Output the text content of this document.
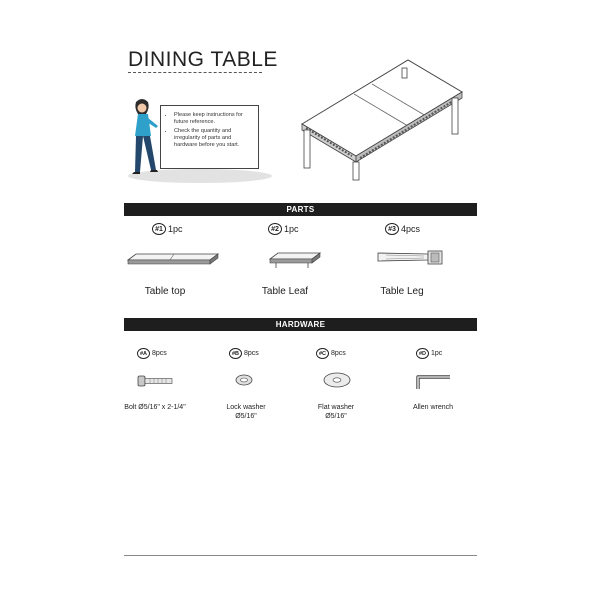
DINING TABLE
• Please keep instructions for future reference.
• Check the quantity and irregularity of parts and hardware before you start.
PARTS
#1 1pc
Table top
#2 1pc
Table Leaf
#3 4pcs
Table Leg
HARDWARE
#A 8pcs
Bolt Ø5/16" x 2-1/4"
#B 8pcs
Lock washer
Ø5/16"
#C 8pcs
Flat washer
Ø5/16"
#D 1pc
Allen wrench
